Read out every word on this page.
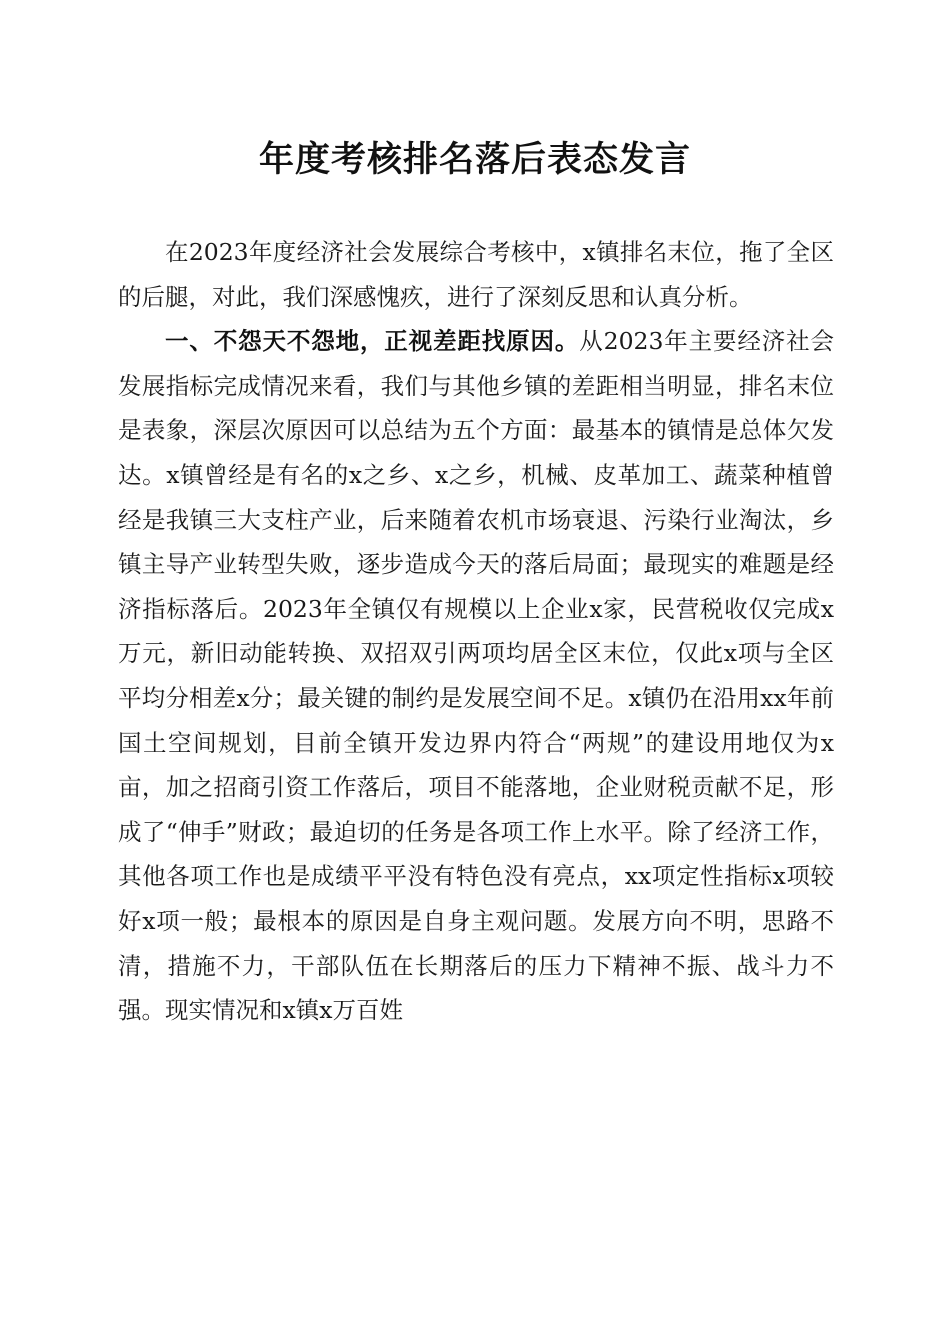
年度考核排名落后表态发言

在2023年度经济社会发展综合考核中，x镇排名末位，拖了全区的后腿，对此，我们深感愧疚，进行了深刻反思和认真分析。

一、不怨天不怨地，正视差距找原因。从2023年主要经济社会发展指标完成情况来看，我们与其他乡镇的差距相当明显，排名末位是表象，深层次原因可以总结为五个方面：最基本的镇情是总体欠发达。x镇曾经是有名的x之乡、x之乡，机械、皮革加工、蔬菜种植曾经是我镇三大支柱产业，后来随着农机市场衰退、污染行业淘汰，乡镇主导产业转型失败，逐步造成今天的落后局面；最现实的难题是经济指标落后。2023年全镇仅有规模以上企业x家，民营税收仅完成x万元，新旧动能转换、双招双引两项均居全区末位，仅此x项与全区平均分相差x分；最关键的制约是发展空间不足。x镇仍在沿用xx年前国土空间规划，目前全镇开发边界内符合“两规”的建设用地仅为x亩，加之招商引资工作落后，项目不能落地，企业财税贡献不足，形成了“伸手”财政；最迫切的任务是各项工作上水平。除了经济工作，其他各项工作也是成绩平平没有特色没有亮点，xx项定性指标x项较好x项一般；最根本的原因是自身主观问题。发展方向不明，思路不清，措施不力，干部队伍在长期落后的压力下精神不振、战斗力不强。现实情况和x镇x万百姓
